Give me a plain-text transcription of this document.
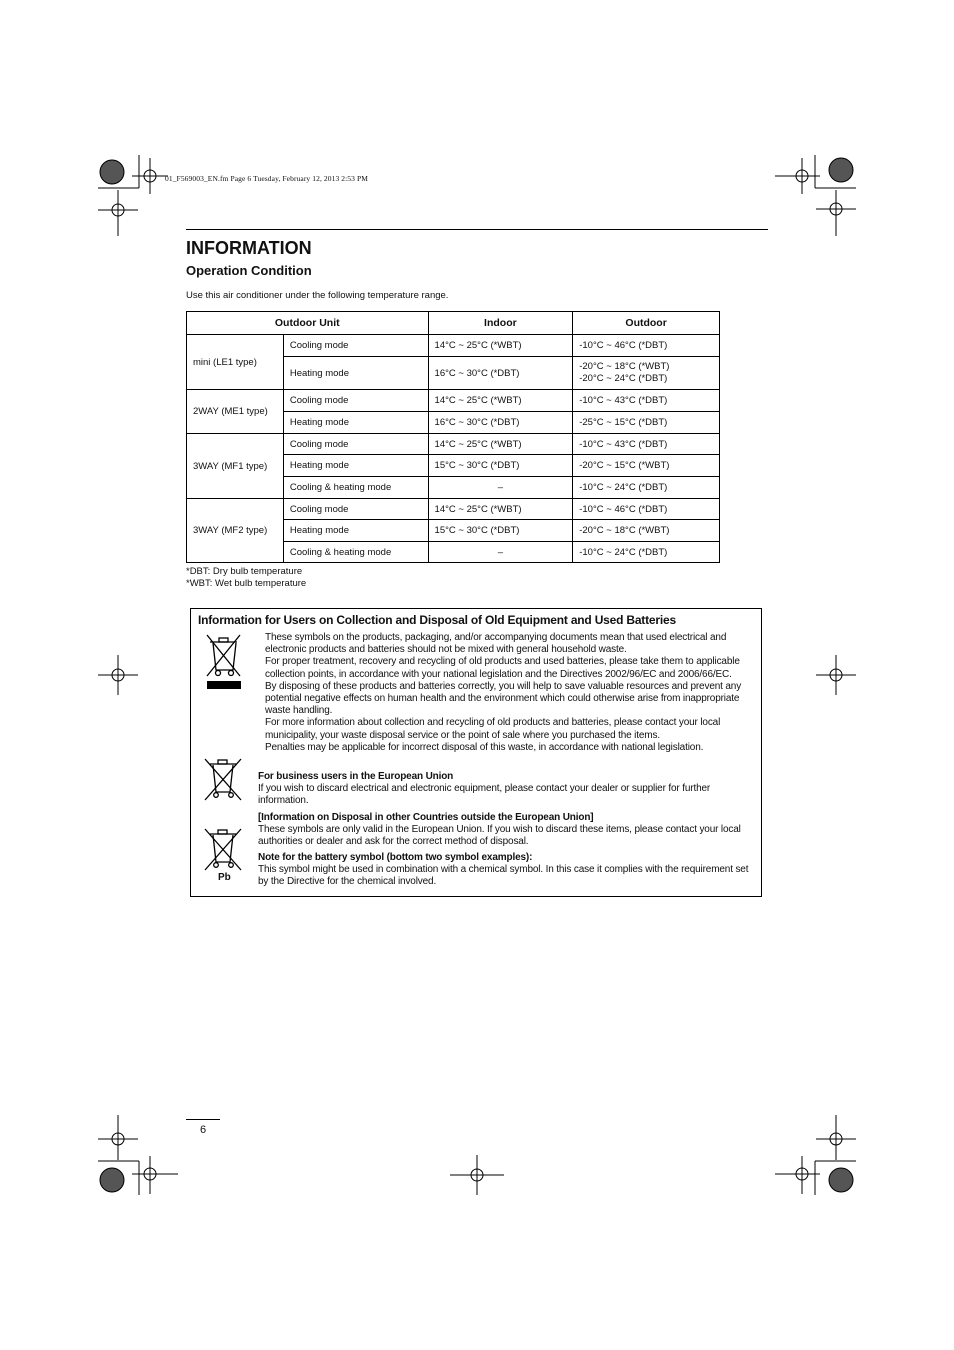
01_F569003_EN.fm Page 6 Tuesday, February 12, 2013 2:53 PM
INFORMATION
Operation Condition
Use this air conditioner under the following temperature range.
Outdoor Unit		Indoor	Outdoor
mini (LE1 type)	Cooling mode	14°C ~ 25°C (*WBT)	-10°C ~ 46°C (*DBT)
	Heating mode	16°C ~ 30°C (*DBT)	-20°C ~ 18°C (*WBT)
-20°C ~ 24°C (*DBT)

2WAY (ME1 type)	Cooling mode	14°C ~ 25°C (*WBT)	-10°C ~ 43°C (*DBT)
	Heating mode	16°C ~ 30°C (*DBT)	-25°C ~ 15°C (*DBT)
3WAY (MF1 type)	Cooling mode	14°C ~ 25°C (*WBT)	-10°C ~ 43°C (*DBT)
	Heating mode	15°C ~ 30°C (*DBT)	-20°C ~ 15°C (*WBT)
	Cooling & heating mode	–	-10°C ~ 24°C (*DBT)
3WAY (MF2 type)	Cooling mode	14°C ~ 25°C (*WBT)	-10°C ~ 46°C (*DBT)
	Heating mode	15°C ~ 30°C (*DBT)	-20°C ~ 18°C (*WBT)
	Cooling & heating mode	–	-10°C ~ 24°C (*DBT)
*DBT: Dry bulb temperature
*WBT: Wet bulb temperature
Information for Users on Collection and Disposal of Old Equipment and Used Batteries
Pb
These symbols on the products, packaging, and/or accompanying documents mean that used electrical and electronic products and batteries should not be mixed with general household waste.
For proper treatment, recovery and recycling of old products and used batteries, please take them to applicable collection points, in accordance with your national legislation and the Directives 2002/96/EC and 2006/66/EC.
By disposing of these products and batteries correctly, you will help to save valuable resources and prevent any potential negative effects on human health and the environment which could otherwise arise from inappropriate waste handling.
For more information about collection and recycling of old products and batteries, please contact your local municipality, your waste disposal service or the point of sale where you purchased the items.
Penalties may be applicable for incorrect disposal of this waste, in accordance with national legislation.
For business users in the European Union
If you wish to discard electrical and electronic equipment, please contact your dealer or supplier for further information.
[Information on Disposal in other Countries outside the European Union]
These symbols are only valid in the European Union. If you wish to discard these items, please contact your local authorities or dealer and ask for the correct method of disposal.
Note for the battery symbol (bottom two symbol examples):
This symbol might be used in combination with a chemical symbol. In this case it complies with the requirement set by the Directive for the chemical involved.
6
